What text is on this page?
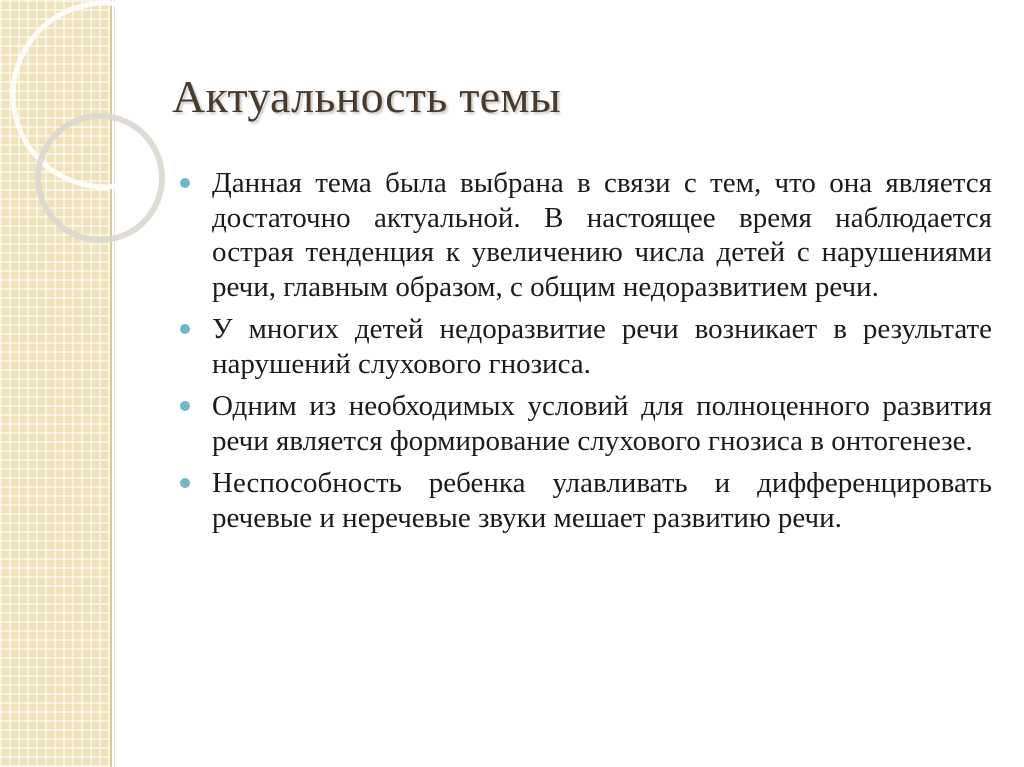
Актуальность темы
Данная тема была выбрана в связи с тем, что она является достаточно актуальной. В настоящее время наблюдается острая тенденция к увеличению числа детей с нарушениями речи, главным образом, с общим недоразвитием речи.
У многих детей недоразвитие речи возникает в результате нарушений слухового гнозиса.
Одним из необходимых условий для полноценного развития речи является формирование слухового гнозиса в онтогенезе.
Неспособность ребенка улавливать и дифференцировать речевые и неречевые звуки мешает развитию речи.
